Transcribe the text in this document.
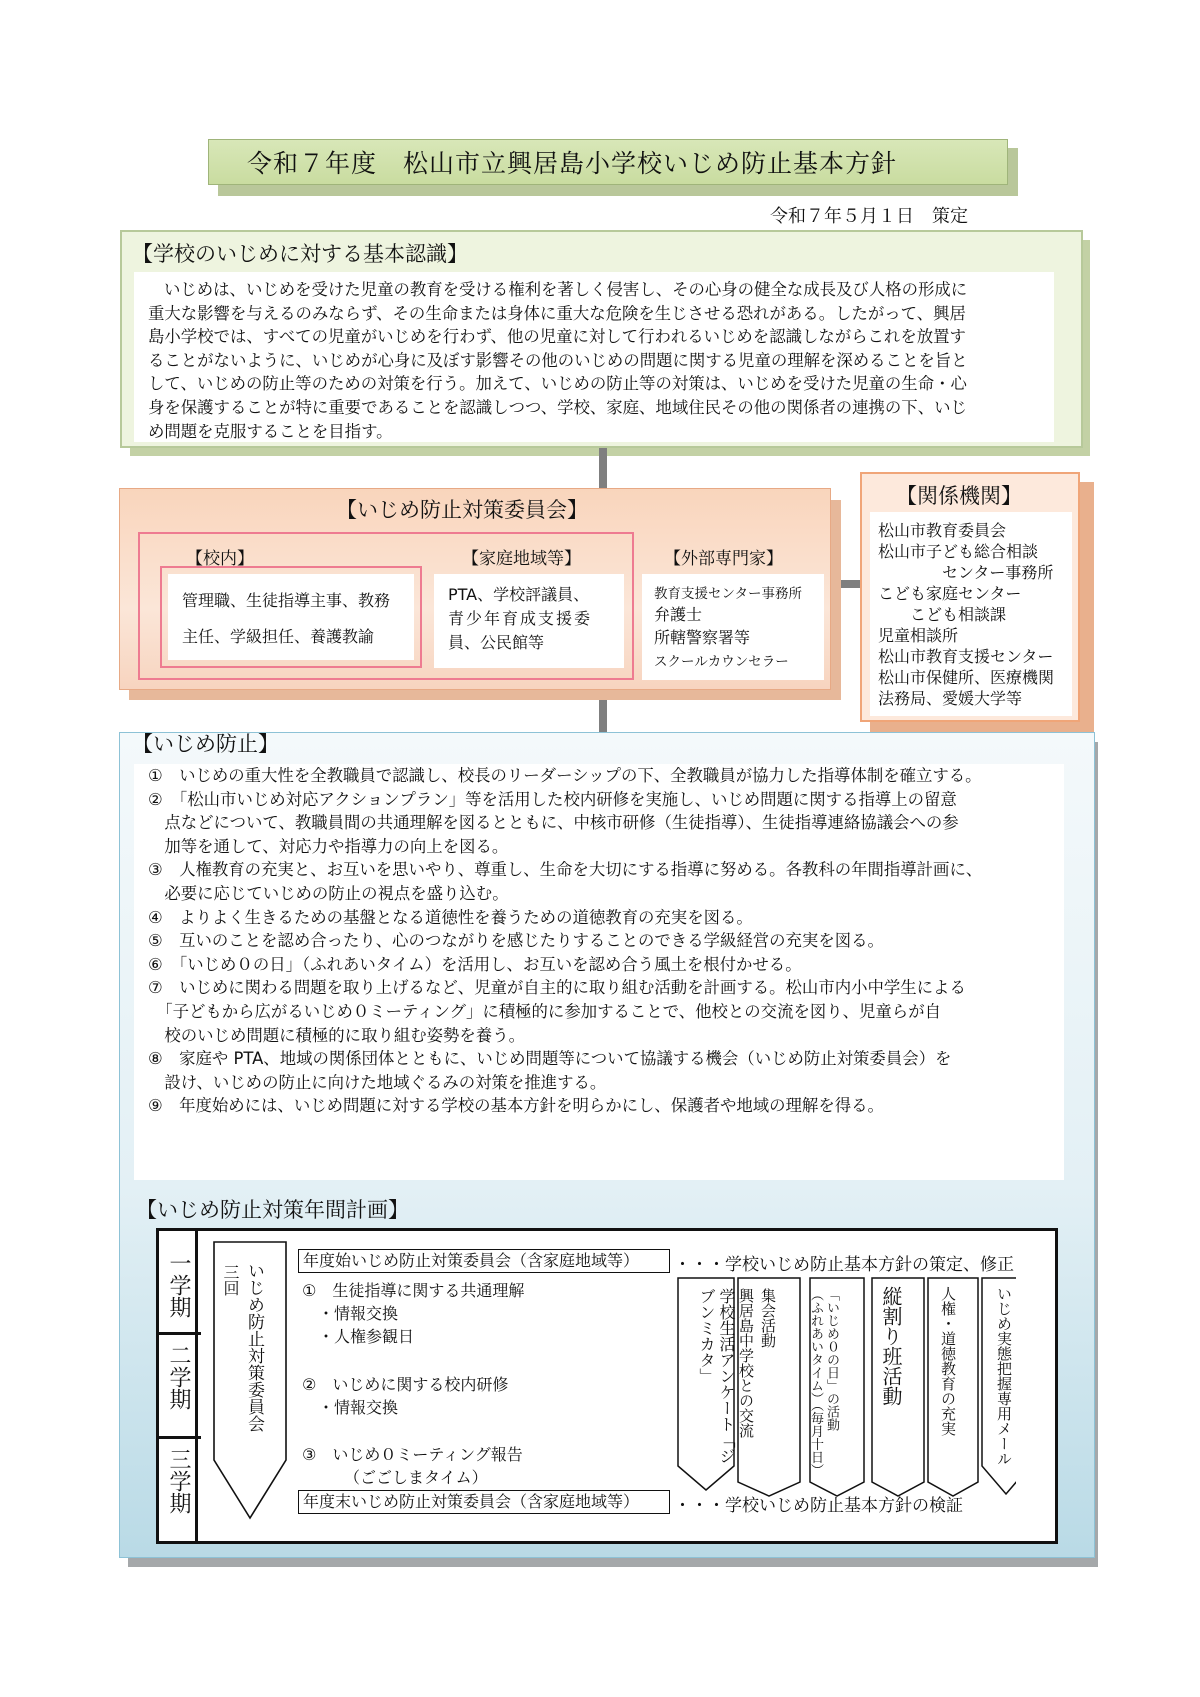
令和７年度　松山市立興居島小学校いじめ防止基本方針
令和７年５月１日　策定
【学校のいじめに対する基本認識】
いじめは、いじめを受けた児童の教育を受ける権利を著しく侵害し、その心身の健全な成長及び人格の形成に
重大な影響を与えるのみならず、その生命または身体に重大な危険を生じさせる恐れがある。したがって、興居
島小学校では、すべての児童がいじめを行わず、他の児童に対して行われるいじめを認識しながらこれを放置す
ることがないように、いじめが心身に及ぼす影響その他のいじめの問題に関する児童の理解を深めることを旨と
して、いじめの防止等のための対策を行う。加えて、いじめの防止等の対策は、いじめを受けた児童の生命・心
身を保護することが特に重要であることを認識しつつ、学校、家庭、地域住民その他の関係者の連携の下、いじ
め問題を克服することを目指す。
【いじめ防止対策委員会】
【校内】
管理職、生徒指導主事、教務
主任、学級担任、養護教諭
【家庭地域等】
PTA、学校評議員、
青少年育成支援委
員、公民館等
【外部専門家】
教育支援センター事務所
弁護士
所轄警察署等
スクールカウンセラー
【関係機関】
松山市教育委員会
松山市子ども総合相談
センター事務所
こども家庭センター
こども相談課
児童相談所
松山市教育支援センター
松山市保健所、医療機関
法務局、愛媛大学等
【いじめ防止】
①　いじめの重大性を全教職員で認識し、校長のリーダーシップの下、全教職員が協力した指導体制を確立する。
②　「松山市いじめ対応アクションプラン」等を活用した校内研修を実施し、いじめ問題に関する指導上の留意
　点などについて、教職員間の共通理解を図るとともに、中核市研修（生徒指導）、生徒指導連絡協議会への参
　加等を通して、対応力や指導力の向上を図る。
③　人権教育の充実と、お互いを思いやり、尊重し、生命を大切にする指導に努める。各教科の年間指導計画に、
　必要に応じていじめの防止の視点を盛り込む。
④　よりよく生きるための基盤となる道徳性を養うための道徳教育の充実を図る。
⑤　互いのことを認め合ったり、心のつながりを感じたりすることのできる学級経営の充実を図る。
⑥　「いじめ０の日」（ふれあいタイム）を活用し、お互いを認め合う風土を根付かせる。
⑦　いじめに関わる問題を取り上げるなど、児童が自主的に取り組む活動を計画する。松山市内小中学生による
　「子どもから広がるいじめ０ミーティング」に積極的に参加することで、他校との交流を図り、児童らが自
　校のいじめ問題に積極的に取り組む姿勢を養う。
⑧　家庭や PTA、地域の関係団体とともに、いじめ問題等について協議する機会（いじめ防止対策委員会）を
　設け、いじめの防止に向けた地域ぐるみの対策を推進する。
⑨　年度始めには、いじめ問題に対する学校の基本方針を明らかにし、保護者や地域の理解を得る。
【いじめ防止対策年間計画】
一学期
二学期
三学期
いじめ防止対策委員会
三回
年度始いじめ防止対策委員会（含家庭地域等）	・・・学校いじめ防止基本方針の策定、修正
①　生徒指導に関する共通理解
・情報交換
・人権参観日
②　いじめに関する校内研修
・情報交換
③　いじめ０ミーティング報告
（ごごしまタイム）
年度末いじめ防止対策委員会（含家庭地域等）	・・・学校いじめ防止基本方針の検証
学校生活アンケート「ジブンミカタ」	集会活動
興居島中学校との交流	「いじめ０の日」の活動
（ふれあいタイム）（毎月十日）	縦割り班活動 人権・道徳教育の充実	いじめ実態把握専用メール
